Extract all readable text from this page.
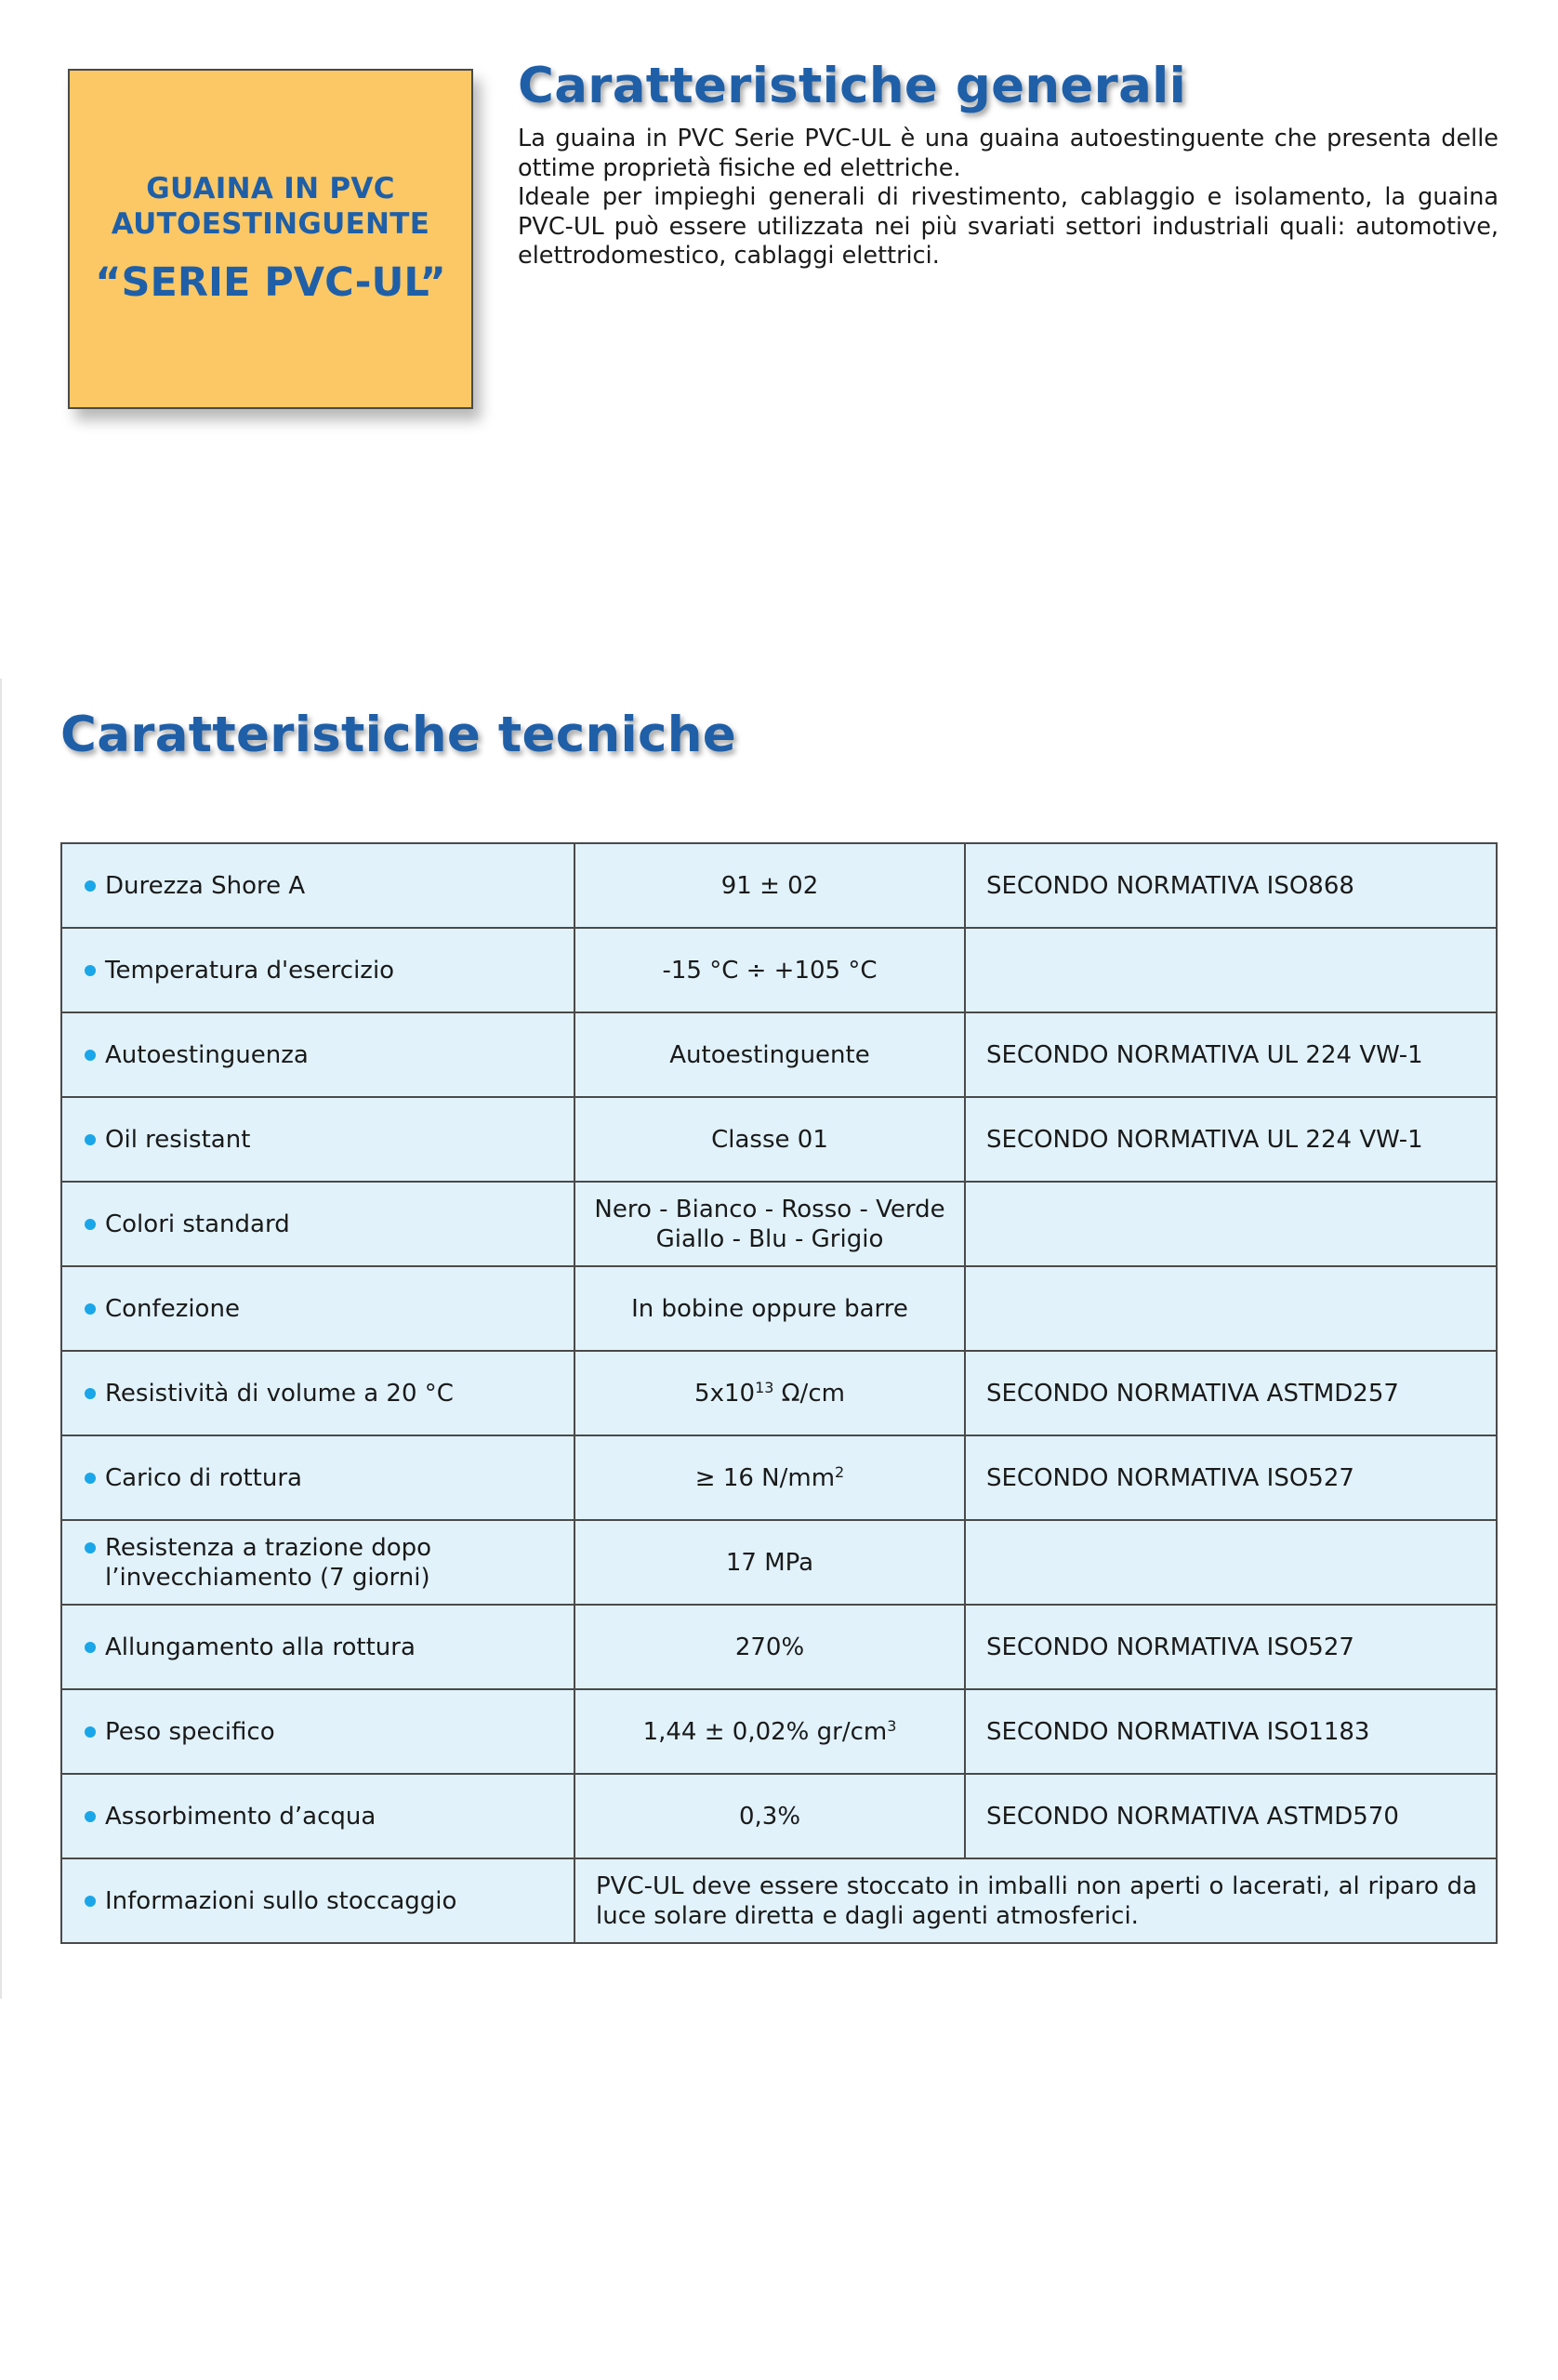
GUAINA IN PVC
AUTOESTINGUENTE
“SERIE PVC-UL”
Caratteristiche generali

La guaina in PVC Serie PVC-UL è una guaina autoestinguente che presenta delle ottime proprietà fisiche ed elettriche.

Ideale per impieghi generali di rivestimento, cablaggio e isolamento, la guaina PVC-UL può essere utilizzata nei più svariati settori industriali quali: automotive, elettrodomestico, cablaggi elettrici.

Caratteristiche tecniche
Durezza Shore A	91 ± 02	SECONDO NORMATIVA ISO868

Temperatura d'esercizio	-15 °C ÷ +105 °C	

Autoestinguenza	Autoestinguente	SECONDO NORMATIVA UL 224 VW-1

Oil resistant	Classe 01	SECONDO NORMATIVA UL 224 VW-1

Colori standard	Nero - Bianco - Rosso - Verde
Giallo - Blu - Grigio	

Confezione	In bobine oppure barre	

Resistività di volume a 20 °C	$5x10^{13}$ Ω/cm	SECONDO NORMATIVA ASTMD257

Carico di rottura	≥ 16 $N/mm^2$	SECONDO NORMATIVA ISO527

Resistenza a trazione dopo
l’invecchiamento (7 giorni)	17 MPa	

Allungamento alla rottura	270%	SECONDO NORMATIVA ISO527

Peso specifico	1,44 ± 0,02% $gr/cm^3$	SECONDO NORMATIVA ISO1183

Assorbimento d’acqua	0,3%	SECONDO NORMATIVA ASTMD570

Informazioni sullo stoccaggio	PVC-UL deve essere stoccato in imballi non aperti o lacerati, al riparo da luce solare diretta e dagli agenti atmosferici.	
